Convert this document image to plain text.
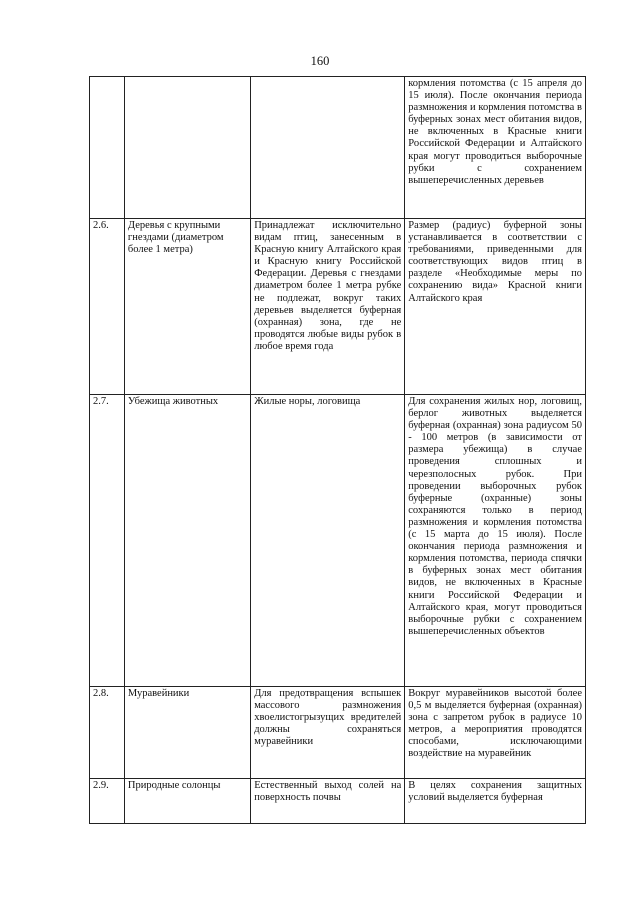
160

			кормления потомства (с 15 апреля до 15 июля). После окончания периода размножения и кормления потомства в буферных зонах мест обитания видов, не включенных в Красные книги Российской Федерации и Алтайского края могут проводиться выборочные рубки с сохранением вышеперечисленных деревьев

2.6.	Деревья с крупными гнездами (диаметром более 1 метра)	Принадлежат исключительно видам птиц, занесенным в Красную книгу Алтайского края и Красную книгу Российской Федерации. Деревья с гнездами диаметром более 1 метра рубке не подлежат, вокруг таких деревьев выделяется буферная (охранная) зона, где не проводятся любые виды рубок в любое время года	Размер (радиус) буферной зоны устанавливается в соответствии с требованиями, приведенными для соответствующих видов птиц в разделе «Необходимые меры по сохранению вида» Красной книги Алтайского края

2.7.	Убежища животных	Жилые норы, логовища	Для сохранения жилых нор, логовищ, берлог животных выделяется буферная (охранная) зона радиусом 50 - 100 метров (в зависимости от размера убежища) в случае проведения сплошных и черезполосных рубок. При проведении выборочных рубок буферные (охранные) зоны сохраняются только в период размножения и кормления потомства (с 15 марта до 15 июля). После окончания периода размножения и кормления потомства, периода спячки в буферных зонах мест обитания видов, не включенных в Красные книги Российской Федерации и Алтайского края, могут проводиться выборочные рубки с сохранением вышеперечисленных объектов

2.8.	Муравейники	Для предотвращения вспышек массового размножения хвоелистогрызущих вредителей должны сохраняться муравейники	Вокруг муравейников высотой более 0,5 м выделяется буферная (охранная) зона с запретом рубок в радиусе 10 метров, а мероприятия проводятся способами, исключающими воздействие на муравейник

2.9.	Природные солонцы	Естественный выход солей на поверхность почвы	В целях сохранения защитных условий выделяется буферная
